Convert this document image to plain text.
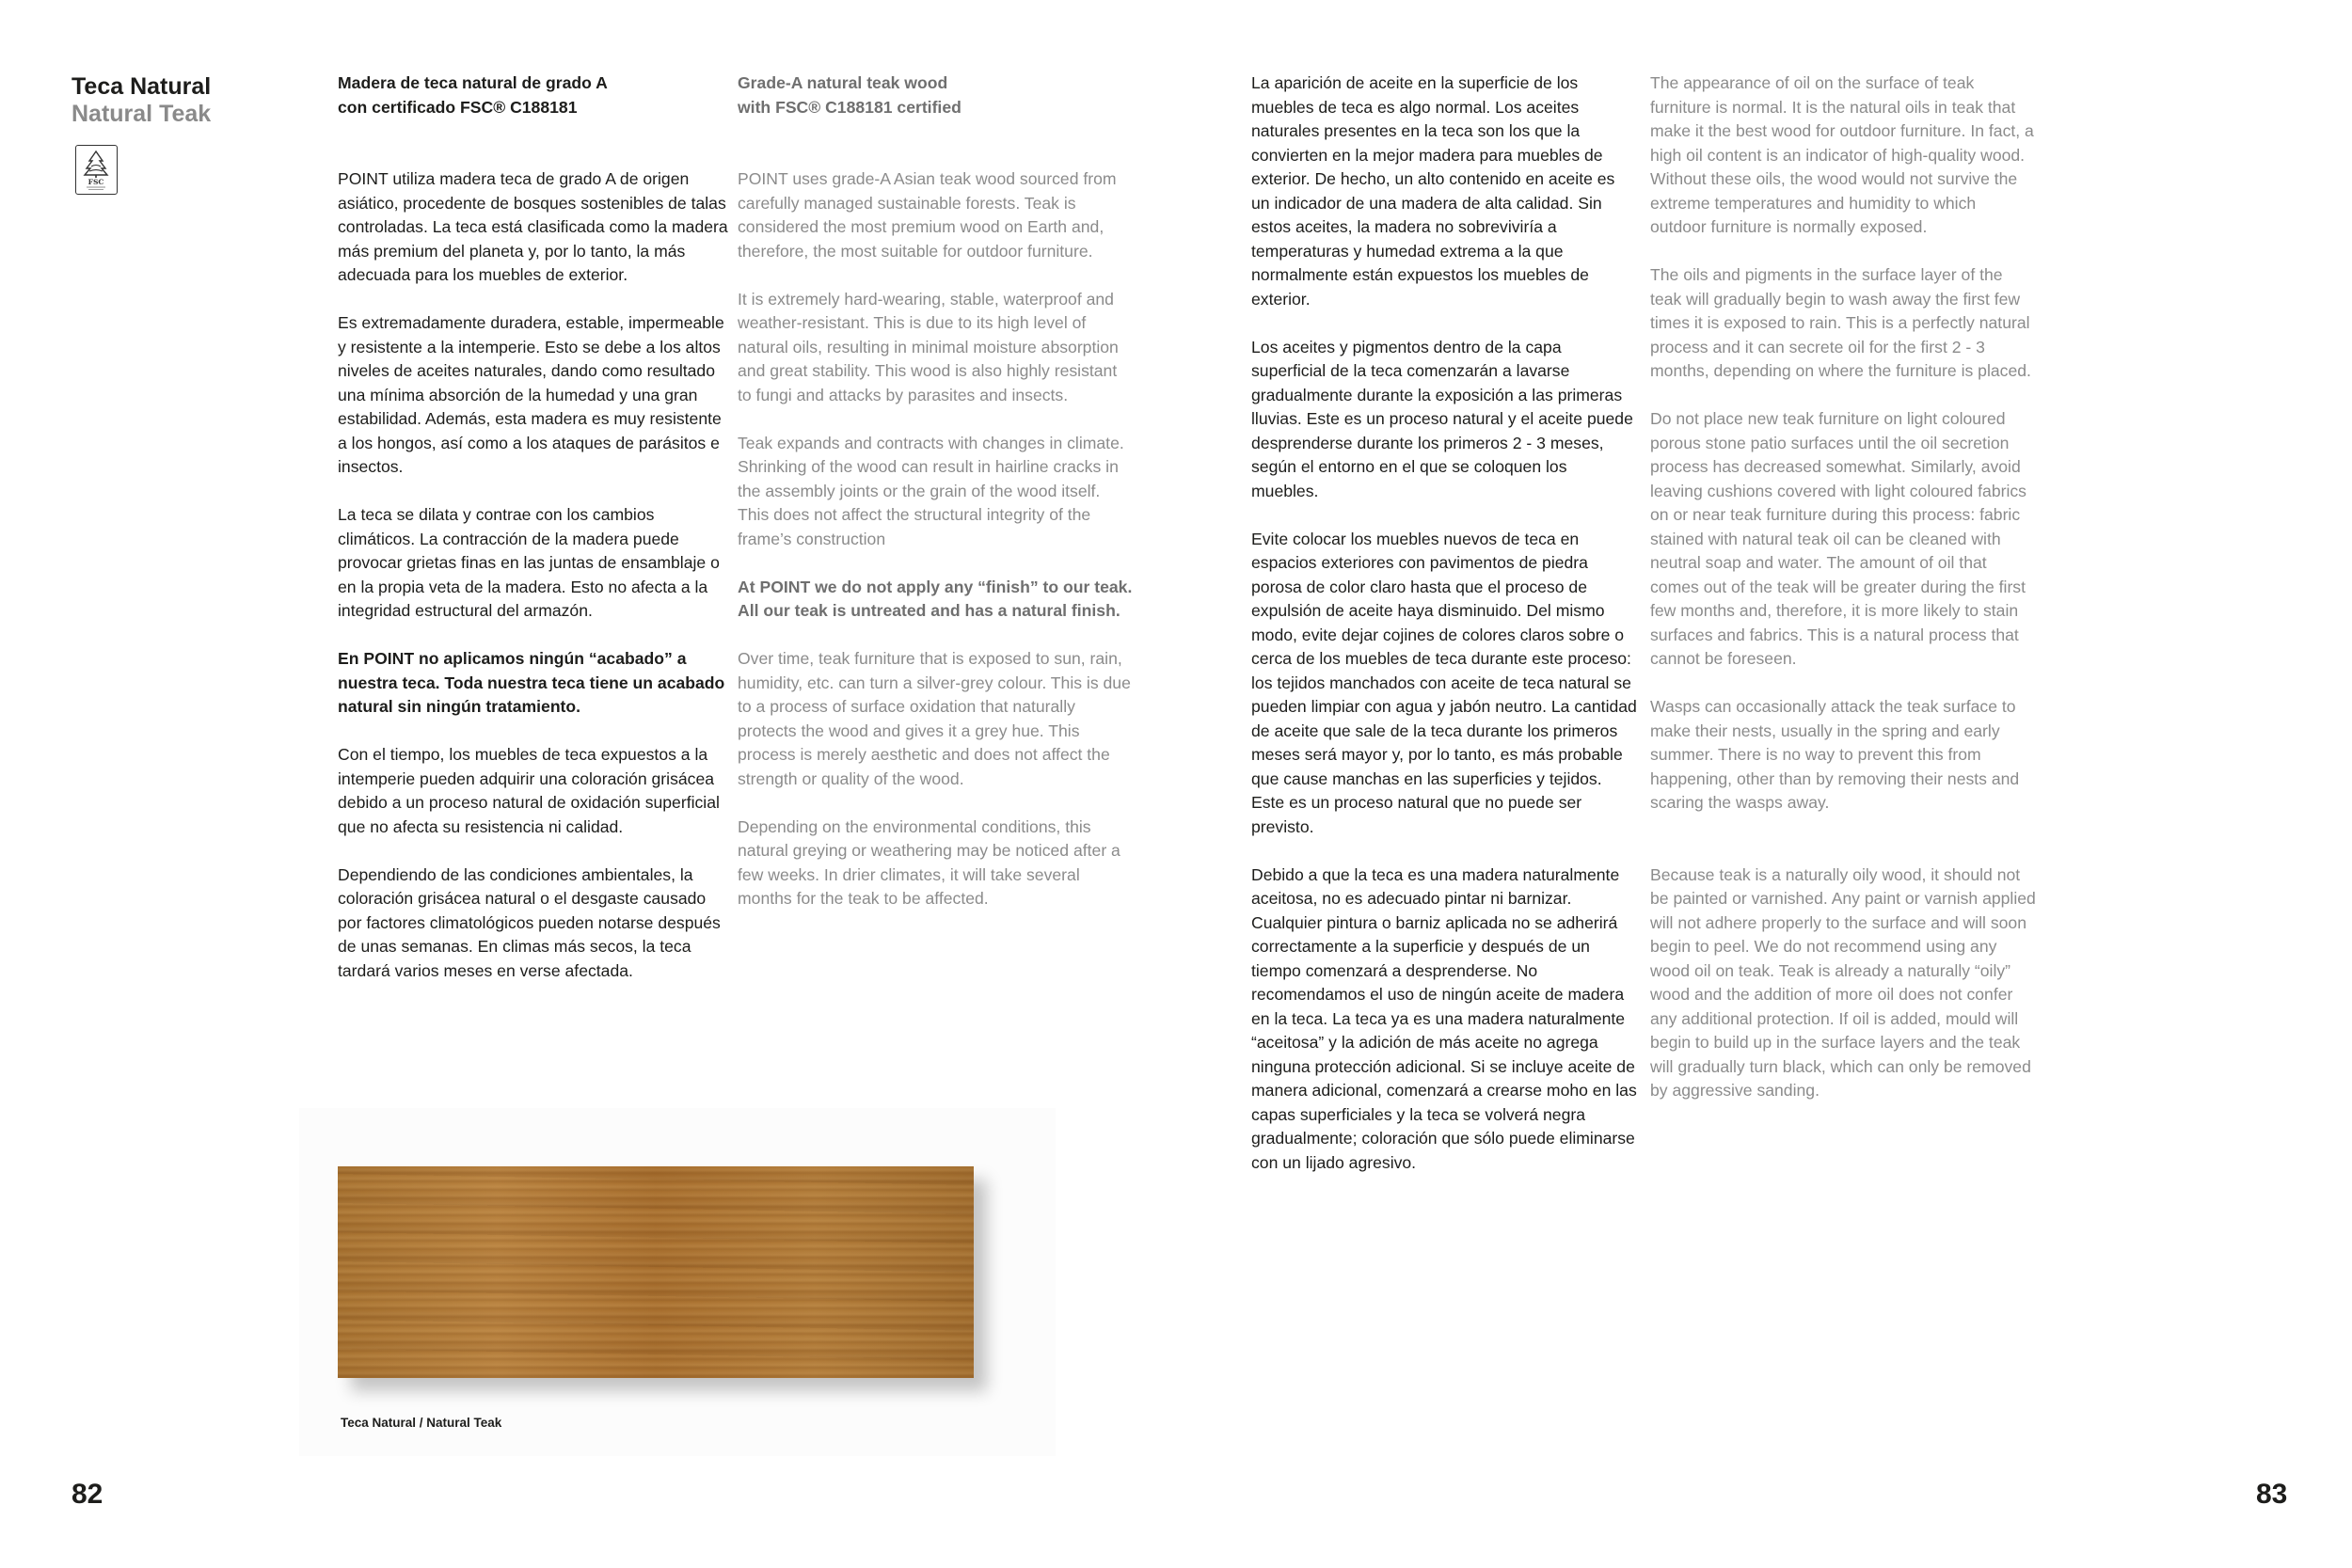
Teca Natural
Natural Teak
FSC

Madera de teca natural de grado A

con certificado FSC® C188181

POINT utiliza madera teca de grado A de origen asiático, procedente de bosques sostenibles de talas controladas. La teca está clasificada como la madera más premium del planeta y, por lo tanto, la más adecuada para los muebles de exterior.

Es extremadamente duradera, estable, impermeable y resistente a la intemperie. Esto se debe a los altos niveles de aceites naturales, dando como resultado una mínima absorción de la humedad y una gran estabilidad. Además, esta madera es muy resistente a los hongos, así como a los ataques de parásitos e insectos.

La teca se dilata y contrae con los cambios climáticos. La contracción de la madera puede provocar grietas finas en las juntas de ensamblaje o en la propia veta de la madera. Esto no afecta a la integridad estructural del armazón.

En POINT no aplicamos ningún “acabado” a nuestra teca. Toda nuestra teca tiene un acabado natural sin ningún tratamiento.

Con el tiempo, los muebles de teca expuestos a la intemperie pueden adquirir una coloración grisácea debido a un proceso natural de oxidación superficial que no afecta su resistencia ni calidad.

Dependiendo de las condiciones ambientales, la coloración grisácea natural o el desgaste causado por factores climatológicos pueden notarse después de unas semanas. En climas más secos, la teca tardará varios meses en verse afectada.

Grade-A natural teak wood

with FSC® C188181 certified

POINT uses grade-A Asian teak wood sourced from carefully managed sustainable forests. Teak is considered the most premium wood on Earth and, therefore, the most suitable for outdoor furniture.

It is extremely hard-wearing, stable, waterproof and weather-resistant. This is due to its high level of natural oils, resulting in minimal moisture absorption and great stability. This wood is also highly resistant to fungi and attacks by parasites and insects.

Teak expands and contracts with changes in climate. Shrinking of the wood can result in hairline cracks in the assembly joints or the grain of the wood itself. This does not affect the structural integrity of the frame’s construction

At POINT we do not apply any “finish” to our teak. All our teak is untreated and has a natural finish.

Over time, teak furniture that is exposed to sun, rain, humidity, etc. can turn a silver-grey colour. This is due to a process of surface oxidation that naturally protects the wood and gives it a grey hue. This process is merely aesthetic and does not affect the strength or quality of the wood.

Depending on the environmental conditions, this natural greying or weathering may be noticed after a few weeks. In drier climates, it will take several months for the teak to be affected.

Teca Natural / Natural Teak
82

La aparición de aceite en la superficie de los muebles de teca es algo normal. Los aceites naturales presentes en la teca son los que la convierten en la mejor madera para muebles de exterior. De hecho, un alto contenido en aceite es un indicador de una madera de alta calidad. Sin estos aceites, la madera no sobreviviría a temperaturas y humedad extrema a la que normalmente están expuestos los muebles de exterior.

Los aceites y pigmentos dentro de la capa superficial de la teca comenzarán a lavarse gradualmente durante la exposición a las primeras lluvias. Este es un proceso natural y el aceite puede desprenderse durante los primeros 2 - 3 meses, según el entorno en el que se coloquen los muebles.

Evite colocar los muebles nuevos de teca en espacios exteriores con pavimentos de piedra porosa de color claro hasta que el proceso de expulsión de aceite haya disminuido. Del mismo modo, evite dejar cojines de colores claros sobre o cerca de los muebles de teca durante este proceso: los tejidos manchados con aceite de teca natural se pueden limpiar con agua y jabón neutro. La cantidad de aceite que sale de la teca durante los primeros meses será mayor y, por lo tanto, es más probable que cause manchas en las superficies y tejidos. Este es un proceso natural que no puede ser previsto.

Debido a que la teca es una madera naturalmente aceitosa, no es adecuado pintar ni barnizar. Cualquier pintura o barniz aplicada no se adherirá correctamente a la superficie y después de un tiempo comenzará a desprenderse. No recomendamos el uso de ningún aceite de madera en la teca. La teca ya es una madera naturalmente “aceitosa” y la adición de más aceite no agrega ninguna protección adicional. Si se incluye aceite de manera adicional, comenzará a crearse moho en las capas superficiales y la teca se volverá negra gradualmente; coloración que sólo puede eliminarse con un lijado agresivo.

The appearance of oil on the surface of teak furniture is normal. It is the natural oils in teak that make it the best wood for outdoor furniture. In fact, a high oil content is an indicator of high-quality wood. Without these oils, the wood would not survive the extreme temperatures and humidity to which outdoor furniture is normally exposed.

The oils and pigments in the surface layer of the teak will gradually begin to wash away the first few times it is exposed to rain. This is a perfectly natural process and it can secrete oil for the first 2 - 3 months, depending on where the furniture is placed.

Do not place new teak furniture on light coloured porous stone patio surfaces until the oil secretion process has decreased somewhat. Similarly, avoid leaving cushions covered with light coloured fabrics on or near teak furniture during this process: fabric stained with natural teak oil can be cleaned with neutral soap and water. The amount of oil that comes out of the teak will be greater during the first few months and, therefore, it is more likely to stain surfaces and fabrics. This is a natural process that cannot be foreseen.

Wasps can occasionally attack the teak surface to make their nests, usually in the spring and early summer. There is no way to prevent this from happening, other than by removing their nests and scaring the wasps away.

Because teak is a naturally oily wood, it should not be painted or varnished. Any paint or varnish applied will not adhere properly to the surface and will soon begin to peel. We do not recommend using any wood oil on teak. Teak is already a naturally “oily” wood and the addition of more oil does not confer any additional protection. If oil is added, mould will begin to build up in the surface layers and the teak will gradually turn black, which can only be removed by aggressive sanding.

83
